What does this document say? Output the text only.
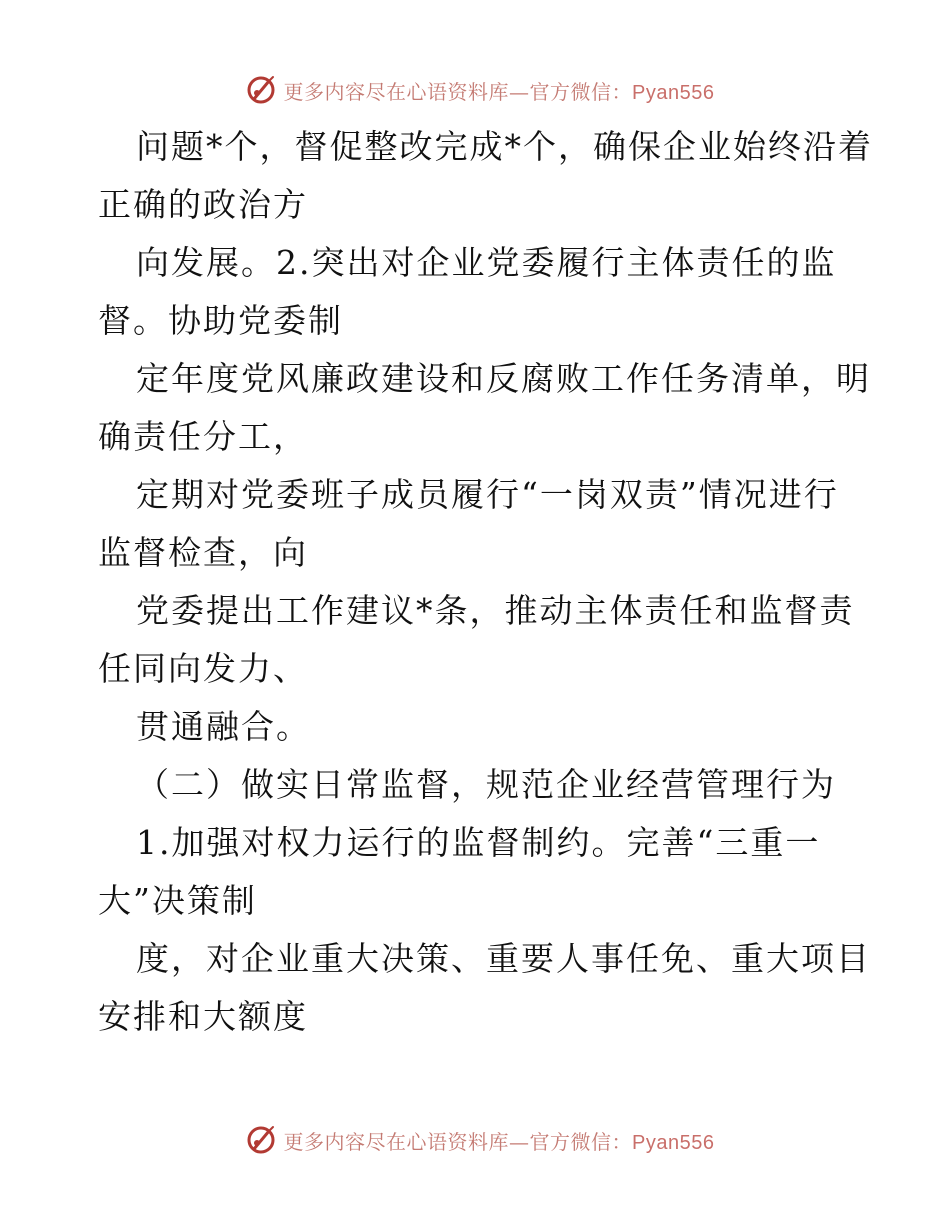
更多内容尽在心语资料库—官方微信：Pyan556
问题*个，督促整改完成*个，确保企业始终沿着
正确的政治方
向发展。2.突出对企业党委履行主体责任的监
督。协助党委制
定年度党风廉政建设和反腐败工作任务清单，明
确责任分工，
定期对党委班子成员履行“一岗双责”情况进行
监督检查，向
党委提出工作建议*条，推动主体责任和监督责
任同向发力、
贯通融合。
（二）做实日常监督，规范企业经营管理行为
1.加强对权力运行的监督制约。完善“三重一
大”决策制
度，对企业重大决策、重要人事任免、重大项目
安排和大额度
更多内容尽在心语资料库—官方微信：Pyan556
